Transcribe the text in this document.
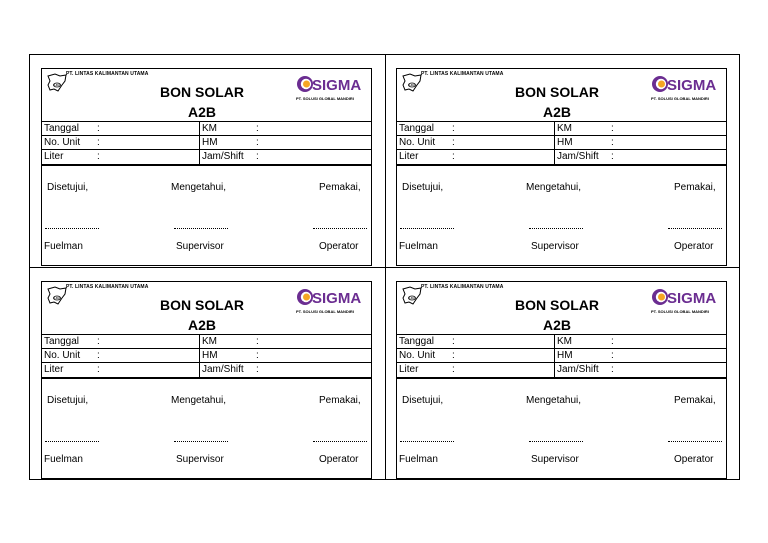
LKU
PT. LINTAS KALIMANTAN UTAMA
BON SOLAR
A2B
SIGMA
PT. SOLUSI GLOBAL MANDIRI
Tanggal :	KM	:
No. Unit :	HM	:
Liter	:	Jam/Shift :
Disetujui,	Mengetahui,	Pemakai,
Fuelman	Supervisor	Operator
LKU
PT. LINTAS KALIMANTAN UTAMA
BON SOLAR
A2B
SIGMA
PT. SOLUSI GLOBAL MANDIRI
Tanggal :	KM	:
No. Unit :	HM	:
Liter	:	Jam/Shift :
Disetujui,	Mengetahui,	Pemakai,
Fuelman	Supervisor	Operator
LKU
PT. LINTAS KALIMANTAN UTAMA
BON SOLAR
A2B
SIGMA
PT. SOLUSI GLOBAL MANDIRI
Tanggal :	KM	:
No. Unit :	HM	:
Liter	:	Jam/Shift :
Disetujui,	Mengetahui,	Pemakai,
Fuelman	Supervisor	Operator
LKU
PT. LINTAS KALIMANTAN UTAMA
BON SOLAR
A2B
SIGMA
PT. SOLUSI GLOBAL MANDIRI
Tanggal :	KM	:
No. Unit :	HM	:
Liter	:	Jam/Shift :
Disetujui,	Mengetahui,	Pemakai,
Fuelman	Supervisor	Operator
